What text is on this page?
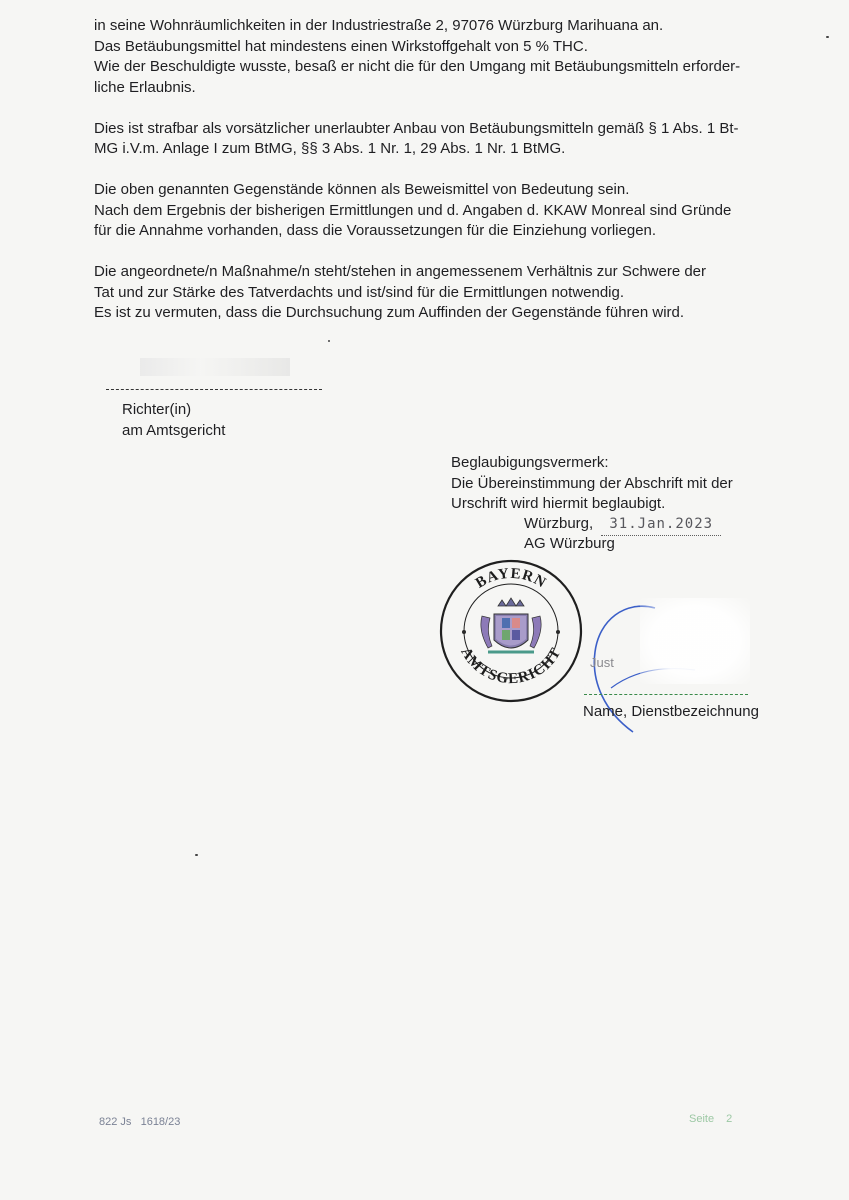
in seine Wohnräumlichkeiten in der Industriestraße 2, 97076 Würzburg Marihuana an.
Das Betäubungsmittel hat mindestens einen Wirkstoffgehalt von 5 % THC.
Wie der Beschuldigte wusste, besaß er nicht die für den Umgang mit Betäubungsmitteln erforder-
liche Erlaubnis.

Dies ist strafbar als vorsätzlicher unerlaubter Anbau von Betäubungsmitteln gemäß § 1 Abs. 1 Bt-
MG i.V.m. Anlage I zum BtMG, §§ 3 Abs. 1 Nr. 1, 29 Abs. 1 Nr. 1 BtMG.

Die oben genannten Gegenstände können als Beweismittel von Bedeutung sein.
Nach dem Ergebnis der bisherigen Ermittlungen und d. Angaben d. KKAW Monreal sind Gründe
für die Annahme vorhanden, dass die Voraussetzungen für die Einziehung vorliegen.

Die angeordnete/n Maßnahme/n steht/stehen in angemessenem Verhältnis zur Schwere der
Tat und zur Stärke des Tatverdachts und ist/sind für die Ermittlungen notwendig.
Es ist zu vermuten, dass die Durchsuchung zum Auffinden der Gegenstände führen wird.

Richter(in)
am Amtsgericht
Beglaubigungsvermerk:
Die Übereinstimmung der Abschrift mit der
Urschrift wird hiermit beglaubigt.
Würzburg, 31.Jan.2023
AG Würzburg
BAYERN
AMTSGERICHT Just
Name, Dienstbezeichnung
822 Js   1618/23	Seite 2
